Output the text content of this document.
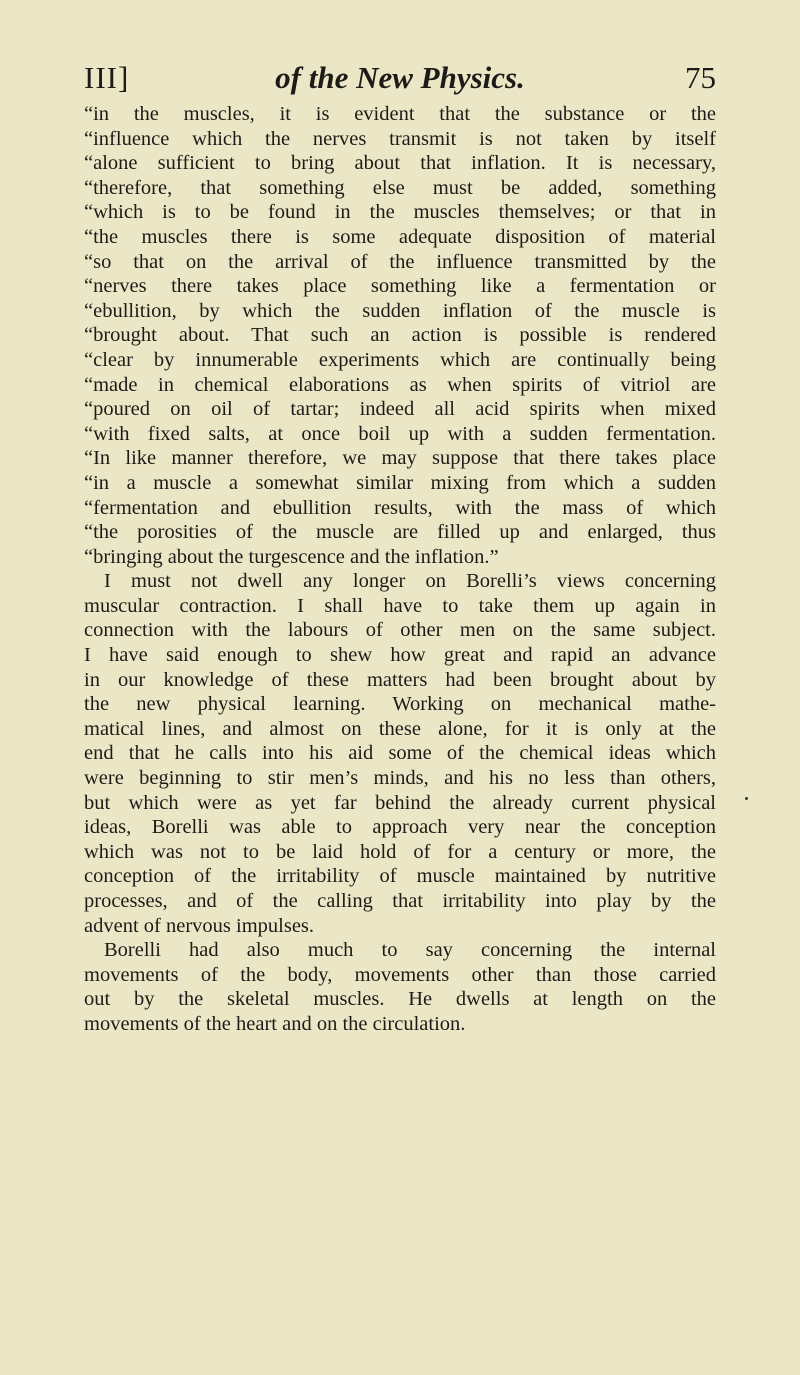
III]	of the New Physics.	75
“in the muscles, it is evident that the substance or the
“influence which the nerves transmit is not taken by itself
“alone sufficient to bring about that inflation. It is necessary,
“therefore, that something else must be added, something
“which is to be found in the muscles themselves; or that in
“the muscles there is some adequate disposition of material
“so that on the arrival of the influence transmitted by the
“nerves there takes place something like a fermentation or
“ebullition, by which the sudden inflation of the muscle is
“brought about. That such an action is possible is rendered
“clear by innumerable experiments which are continually being
“made in chemical elaborations as when spirits of vitriol are
“poured on oil of tartar; indeed all acid spirits when mixed
“with fixed salts, at once boil up with a sudden fermentation.
“In like manner therefore, we may suppose that there takes place
“in a muscle a somewhat similar mixing from which a sudden
“fermentation and ebullition results, with the mass of which
“the porosities of the muscle are filled up and enlarged, thus
“bringing about the turgescence and the inflation.”
I must not dwell any longer on Borelli’s views concerning
muscular contraction. I shall have to take them up again in
connection with the labours of other men on the same subject.
I have said enough to shew how great and rapid an advance
in our knowledge of these matters had been brought about by
the new physical learning. Working on mechanical mathe-
matical lines, and almost on these alone, for it is only at the
end that he calls into his aid some of the chemical ideas which
were beginning to stir men’s minds, and his no less than others,
but which were as yet far behind the already current physical
ideas, Borelli was able to approach very near the conception
which was not to be laid hold of for a century or more, the
conception of the irritability of muscle maintained by nutritive
processes, and of the calling that irritability into play by the
advent of nervous impulses.
Borelli had also much to say concerning the internal
movements of the body, movements other than those carried
out by the skeletal muscles. He dwells at length on the
movements of the heart and on the circulation.
